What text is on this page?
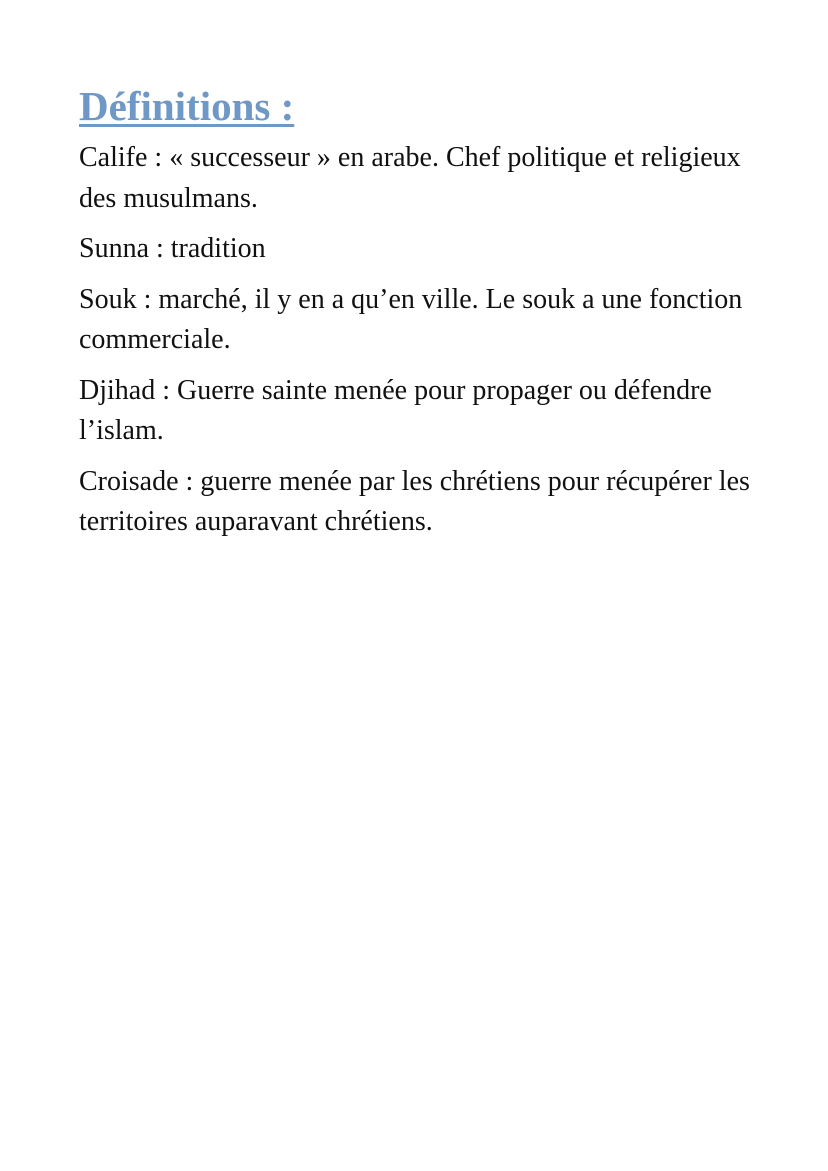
Définitions :

Calife : « successeur » en arabe. Chef politique et religieux des musulmans.

Sunna : tradition

Souk : marché, il y en a qu’en ville. Le souk a une fonction commerciale.

Djihad : Guerre sainte menée pour propager ou défendre l’islam.

Croisade : guerre menée par les chrétiens pour récupérer les territoires auparavant chrétiens.
